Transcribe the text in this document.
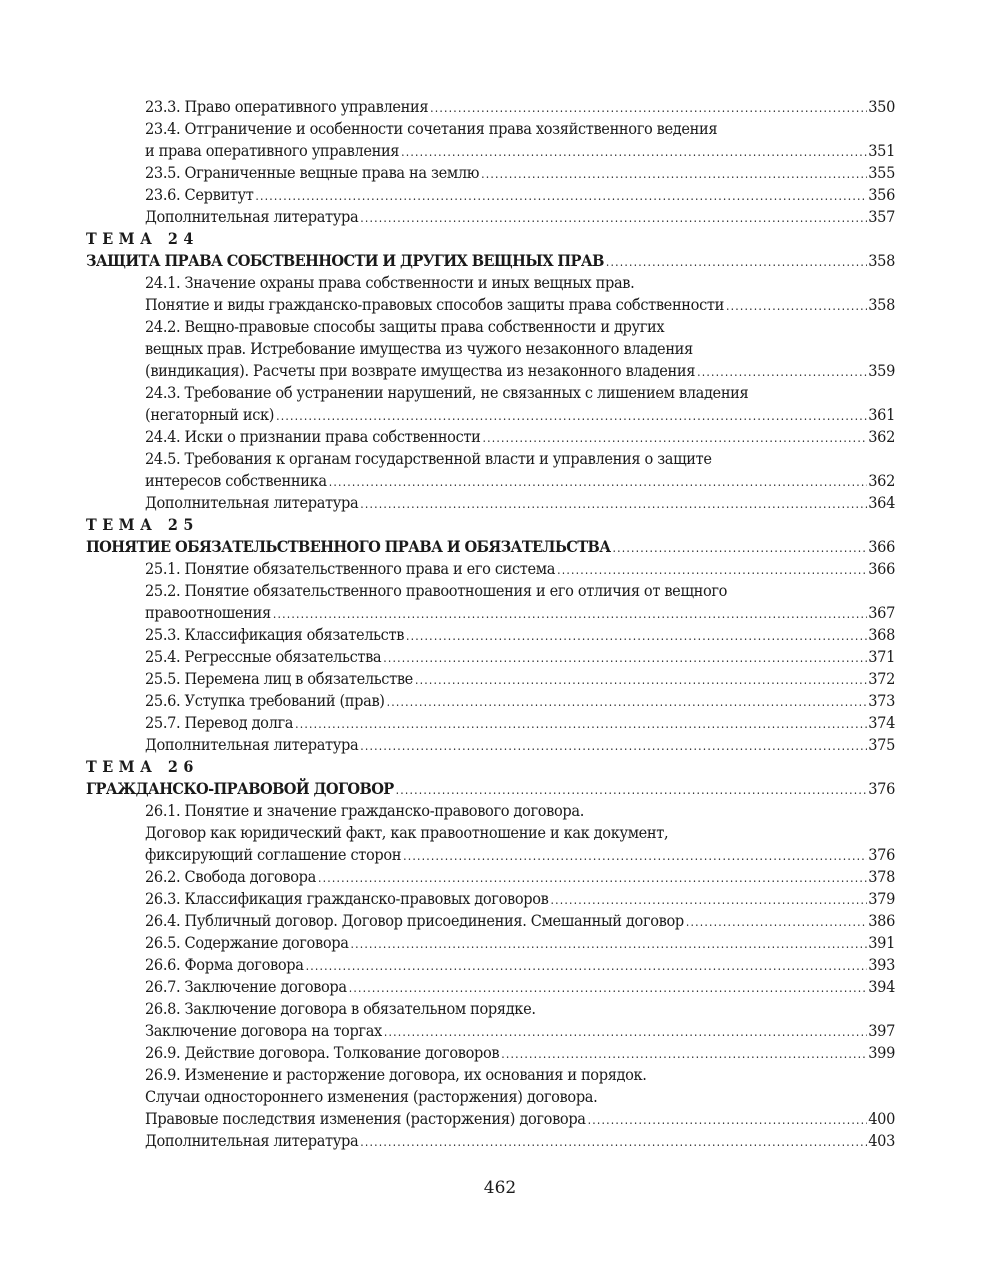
23.3. Право оперативного управления .....	350
23.4. Отграничение и особенности сочетания права хозяйственного ведения
и права оперативного управления .....	351
23.5. Ограниченные вещные права на землю .....	355
23.6. Сервитут .....	356
Дополнительная литература .....	357
ТЕМА 24
ЗАЩИТА ПРАВА СОБСТВЕННОСТИ И ДРУГИХ ВЕЩНЫХ ПРАВ .....	358
24.1. Значение охраны права собственности и иных вещных прав.
Понятие и виды гражданско-правовых способов защиты права собственности .....	358
24.2. Вещно-правовые способы защиты права собственности и других
вещных прав. Истребование имущества из чужого незаконного владения
(виндикация). Расчеты при возврате имущества из незаконного владения .....	359
24.3. Требование об устранении нарушений, не связанных с лишением владения
(негаторный иск) .....	361
24.4. Иски о признании права собственности .....	362
24.5. Требования к органам государственной власти и управления о защите
интересов собственника .....	362
Дополнительная литература .....	364
ТЕМА 25
ПОНЯТИЕ ОБЯЗАТЕЛЬСТВЕННОГО ПРАВА И ОБЯЗАТЕЛЬСТВА .....	366
25.1. Понятие обязательственного права и его система .....	366
25.2. Понятие обязательственного правоотношения и его отличия от вещного
правоотношения .....	367
25.3. Классификация обязательств .....	368
25.4. Регрессные обязательства .....	371
25.5. Перемена лиц в обязательстве .....	372
25.6. Уступка требований (прав) .....	373
25.7. Перевод долга .....	374
Дополнительная литература .....	375
ТЕМА 26
ГРАЖДАНСКО-ПРАВОВОЙ ДОГОВОР .....	376
26.1. Понятие и значение гражданско-правового договора.
Договор как юридический факт, как правоотношение и как документ,
фиксирующий соглашение сторон .....	376
26.2. Свобода договора .....	378
26.3. Классификация гражданско-правовых договоров .....	379
26.4. Публичный договор. Договор присоединения. Смешанный договор .....	386
26.5. Содержание договора .....	391
26.6. Форма договора .....	393
26.7. Заключение договора .....	394
26.8. Заключение договора в обязательном порядке.
Заключение договора на торгах .....	397
26.9. Действие договора. Толкование договоров .....	399
26.9. Изменение и расторжение договора, их основания и порядок.
Случаи одностороннего изменения (расторжения) договора.
Правовые последствия изменения (расторжения) договора .....	400
Дополнительная литература .....	403
462
